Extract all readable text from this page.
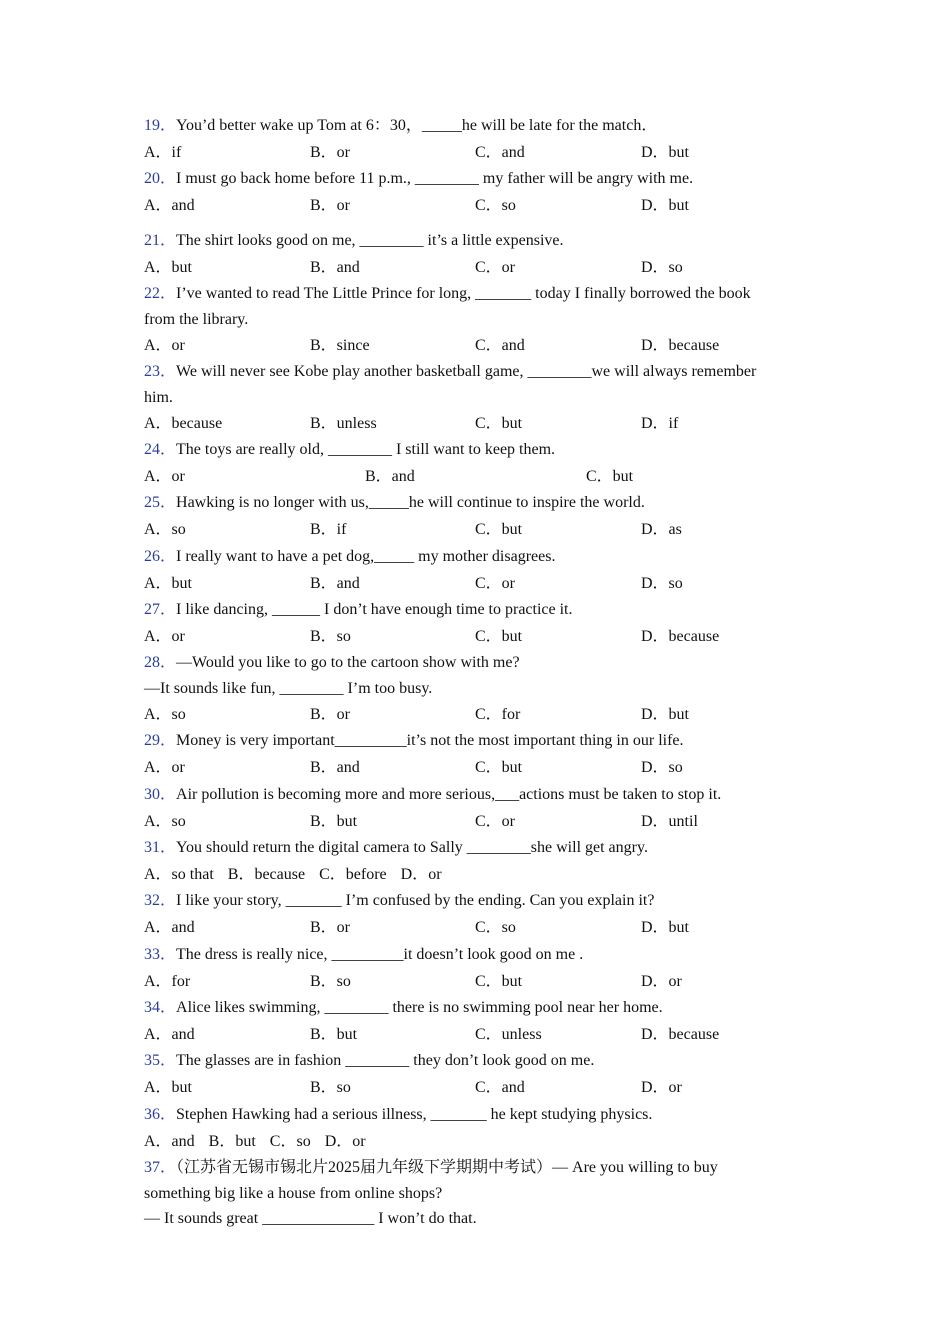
19．You’d better wake up Tom at 6：30，_____he will be late for the match．
A．if	B．or	C．and	D．but
20．I must go back home before 11 p.m., ________ my father will be angry with me.
A．and	B．or	C．so	D．but
21．The shirt looks good on me, ________ it’s a little expensive.
A．but	B．and	C．or	D．so
22．I’ve wanted to read The Little Prince for long, _______ today I finally borrowed the book
from the library.
A．or	B．since	C．and	D．because
23．We will never see Kobe play another basketball game, ________we will always remember
him.
A．because	B．unless	C．but	D．if
24．The toys are really old, ________ I still want to keep them.
A．or	B．and	C．but
25．Hawking is no longer with us,_____he will continue to inspire the world.
A．so	B．if	C．but	D．as
26．I really want to have a pet dog,_____ my mother disagrees.
A．but	B．and	C．or	D．so
27．I like dancing, ______ I don’t have enough time to practice it.
A．or	B．so	C．but	D．because
28．—Would you like to go to the cartoon show with me?
—It sounds like fun, ________ I’m too busy.
A．so	B．or	C．for	D．but
29．Money is very important_________it’s not the most important thing in our life.
A．or	B．and	C．but	D．so
30．Air pollution is becoming more and more serious,___actions must be taken to stop it.
A．so	B．but	C．or	D．until
31．You should return the digital camera to Sally ________she will get angry.
A．so that B．because C．before D．or
32．I like your story, _______ I’m confused by the ending. Can you explain it?
A．and	B．or	C．so	D．but
33．The dress is really nice, _________it doesn’t look good on me .
A．for	B．so	C．but	D．or
34．Alice likes swimming, ________ there is no swimming pool near her home.
A．and	B．but	C．unless	D．because
35．The glasses are in fashion ________ they don’t look good on me.
A．but	B．so	C．and	D．or
36．Stephen Hawking had a serious illness, _______ he kept studying physics.
A．and B．but C．so D．or
37．（江苏省无锡市锡北片2025届九年级下学期期中考试）— Are you willing to buy
something big like a house from online shops?
— It sounds great ______________ I won’t do that.
